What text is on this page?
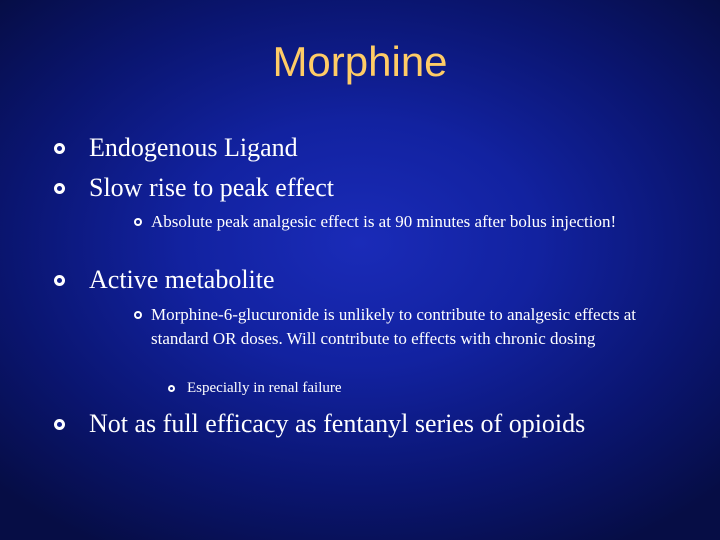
Morphine
Endogenous Ligand
Slow rise to peak effect
Absolute peak analgesic effect is at 90 minutes after bolus injection!
Active metabolite
Morphine-6-glucuronide is unlikely to contribute to analgesic effects at standard OR doses. Will contribute to effects with chronic dosing
Especially in renal failure
Not as full efficacy as fentanyl series of opioids
